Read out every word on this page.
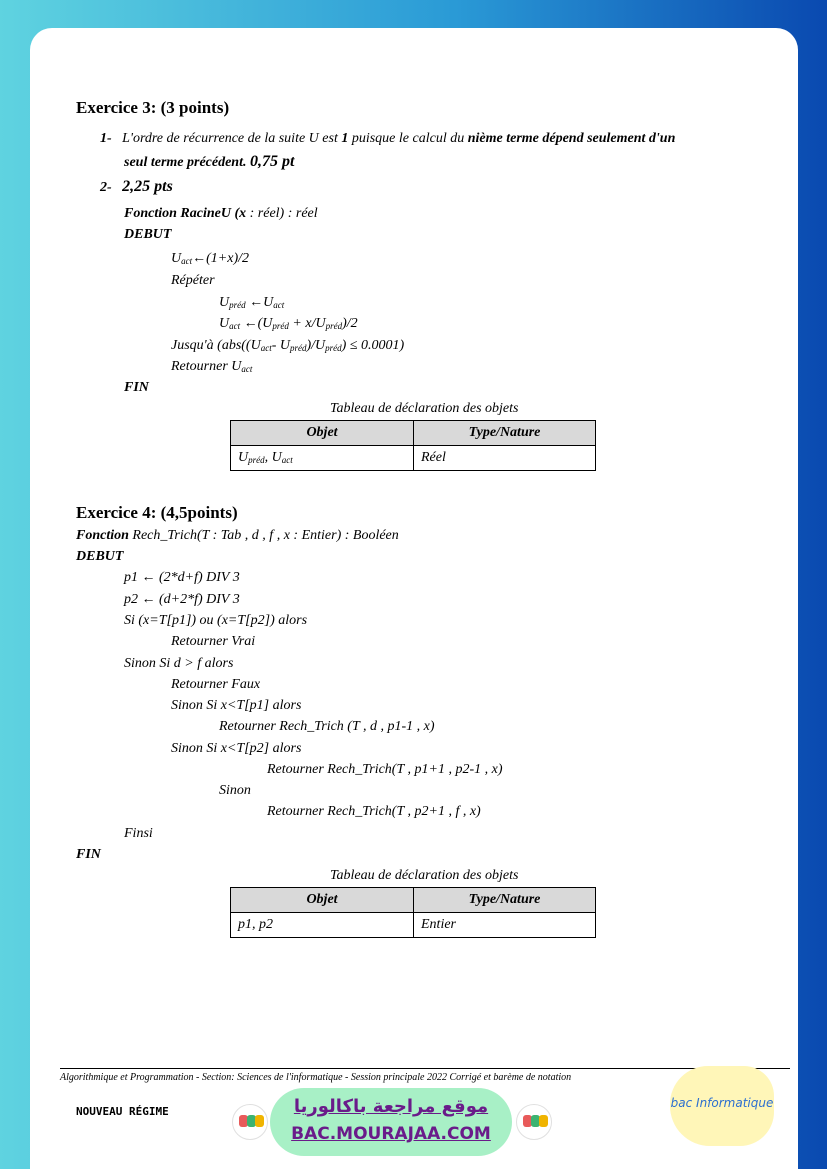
Exercice 3: (3 points)
1- L'ordre de récurrence de la suite U est 1 puisque le calcul du nième terme dépend seulement d'un
seul terme précédent. 0,75 pt
2- 2,25 pts
Fonction RacineU (x : réel) : réel
DEBUT
$U_{act}\leftarrow(1+x)/2$
Répéter
$U_{préd}$ $\leftarrow U_{act}$
$U_{act}$ $\leftarrow(U_{préd} + x/U_{préd})/2$
Jusqu'à ($abs((U_{act}-$ $U_{préd})/U_{préd}) \le 0.0001$)
Retourner $U_{act}$
FIN
Tableau de déclaration des objets
Objet	Type/Nature
$U_{préd}$, $U_{act}$	Réel
Exercice 4: (4,5points)
Fonction Rech_Trich(T : Tab , d , f , x : Entier) : Booléen
DEBUT
p1 ← (2*d+f) DIV 3
p2 ← (d+2*f) DIV 3
Si (x=T[p1]) ou (x=T[p2]) alors
Retourner Vrai
Sinon Si d > f alors
Retourner Faux
Sinon Si x<T[p1] alors
Retourner Rech_Trich (T , d , p1-1 , x)
Sinon Si x<T[p2] alors
Retourner Rech_Trich(T , p1+1 , p2-1 , x)
Sinon
Retourner Rech_Trich(T , p2+1 , f , x)
Finsi
FIN
Tableau de déclaration des objets
Objet	Type/Nature
p1, p2	Entier
Algorithmique et Programmation - Section: Sciences de l'informatique - Session principale 2022 Corrigé et barème de notation
NOUVEAU RÉGIME	موقع مراجعة باكالوريا
BAC.MOURAJAA.COM
bac Informatique
